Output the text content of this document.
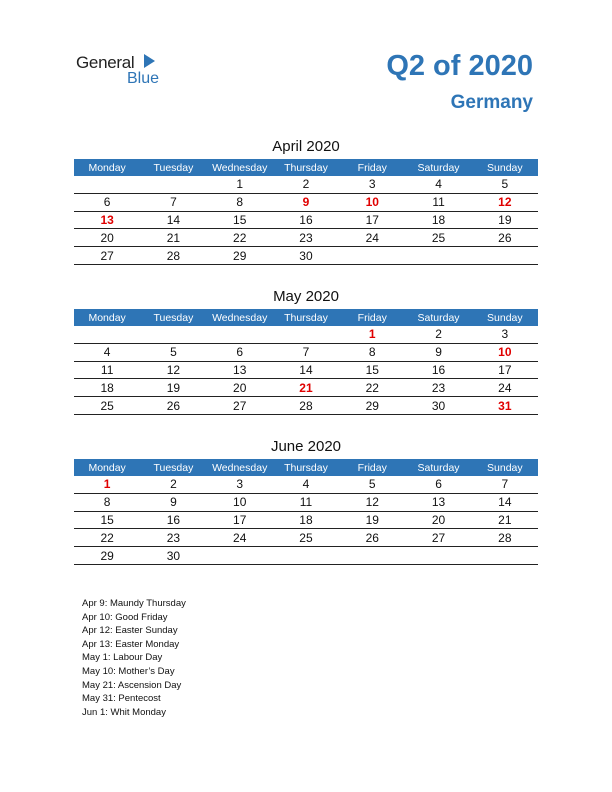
General
Blue	Q2 of 2020
Germany
April 2020
Monday	Tuesday	Wednesday	Thursday	Friday	Saturday	Sunday
		1	2	3	4	5
6	7	8	9	10	11	12
13	14	15	16	17	18	19
20	21	22	23	24	25	26
27	28	29	30			
May 2020
Monday	Tuesday	Wednesday	Thursday	Friday	Saturday	Sunday
				1	2	3
4	5	6	7	8	9	10
11	12	13	14	15	16	17
18	19	20	21	22	23	24
25	26	27	28	29	30	31
June 2020
Monday	Tuesday	Wednesday	Thursday	Friday	Saturday	Sunday
1	2	3	4	5	6	7
8	9	10	11	12	13	14
15	16	17	18	19	20	21
22	23	24	25	26	27	28
29	30					
Apr 9: Maundy Thursday
Apr 10: Good Friday
Apr 12: Easter Sunday
Apr 13: Easter Monday
May 1: Labour Day
May 10: Mother’s Day
May 21: Ascension Day
May 31: Pentecost
Jun 1: Whit Monday
